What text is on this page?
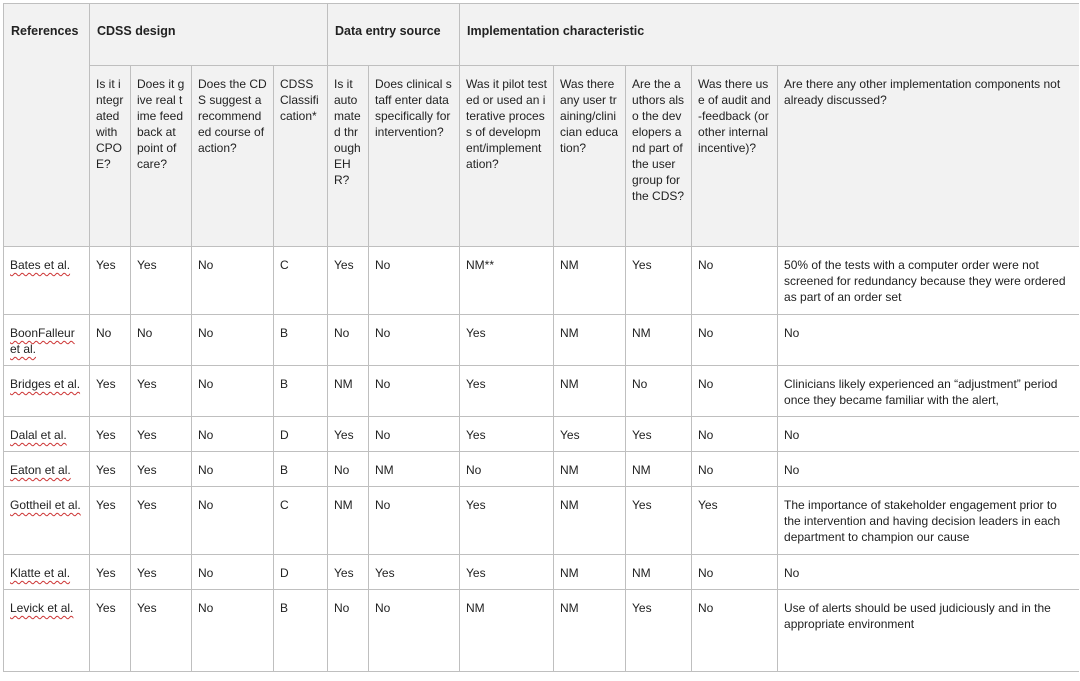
References	CDSS design				Data entry source		Implementation characteristic				
	Is it integrated with CPOE?	Does it give real time feedback at point of care?	Does the CDS suggest a recommended course of action?	CDSS Classification*	Is it automated through EHR?	Does clinical staff enter data specifically for intervention?	Was it pilot tested or used an iterative process of development/implementation?	Was there any user training/clinician education?	Are the authors also the developers and part of the user group for the CDS?	Was there use of audit and-feedback (or other internal incentive)?	Are there any other implementation components not already discussed?
Bates et al.	Yes	Yes	No	C	Yes	No	NM**	NM	Yes	No	50% of the tests with a computer order were not screened for redundancy because they were ordered as part of an order set
BoonFalleur et al.	No	No	No	B	No	No	Yes	NM	NM	No	No
Bridges et al.	Yes	Yes	No	B	NM	No	Yes	NM	No	No	Clinicians likely experienced an “adjustment” period once they became familiar with the alert,
Dalal et al.	Yes	Yes	No	D	Yes	No	Yes	Yes	Yes	No	No
Eaton et al.	Yes	Yes	No	B	No	NM	No	NM	NM	No	No
Gottheil et al.	Yes	Yes	No	C	NM	No	Yes	NM	Yes	Yes	The importance of stakeholder engagement prior to the intervention and having decision leaders in each department to champion our cause
Klatte et al.	Yes	Yes	No	D	Yes	Yes	Yes	NM	NM	No	No
Levick et al.	Yes	Yes	No	B	No	No	NM	NM	Yes	No	Use of alerts should be used judiciously and in the appropriate environment
